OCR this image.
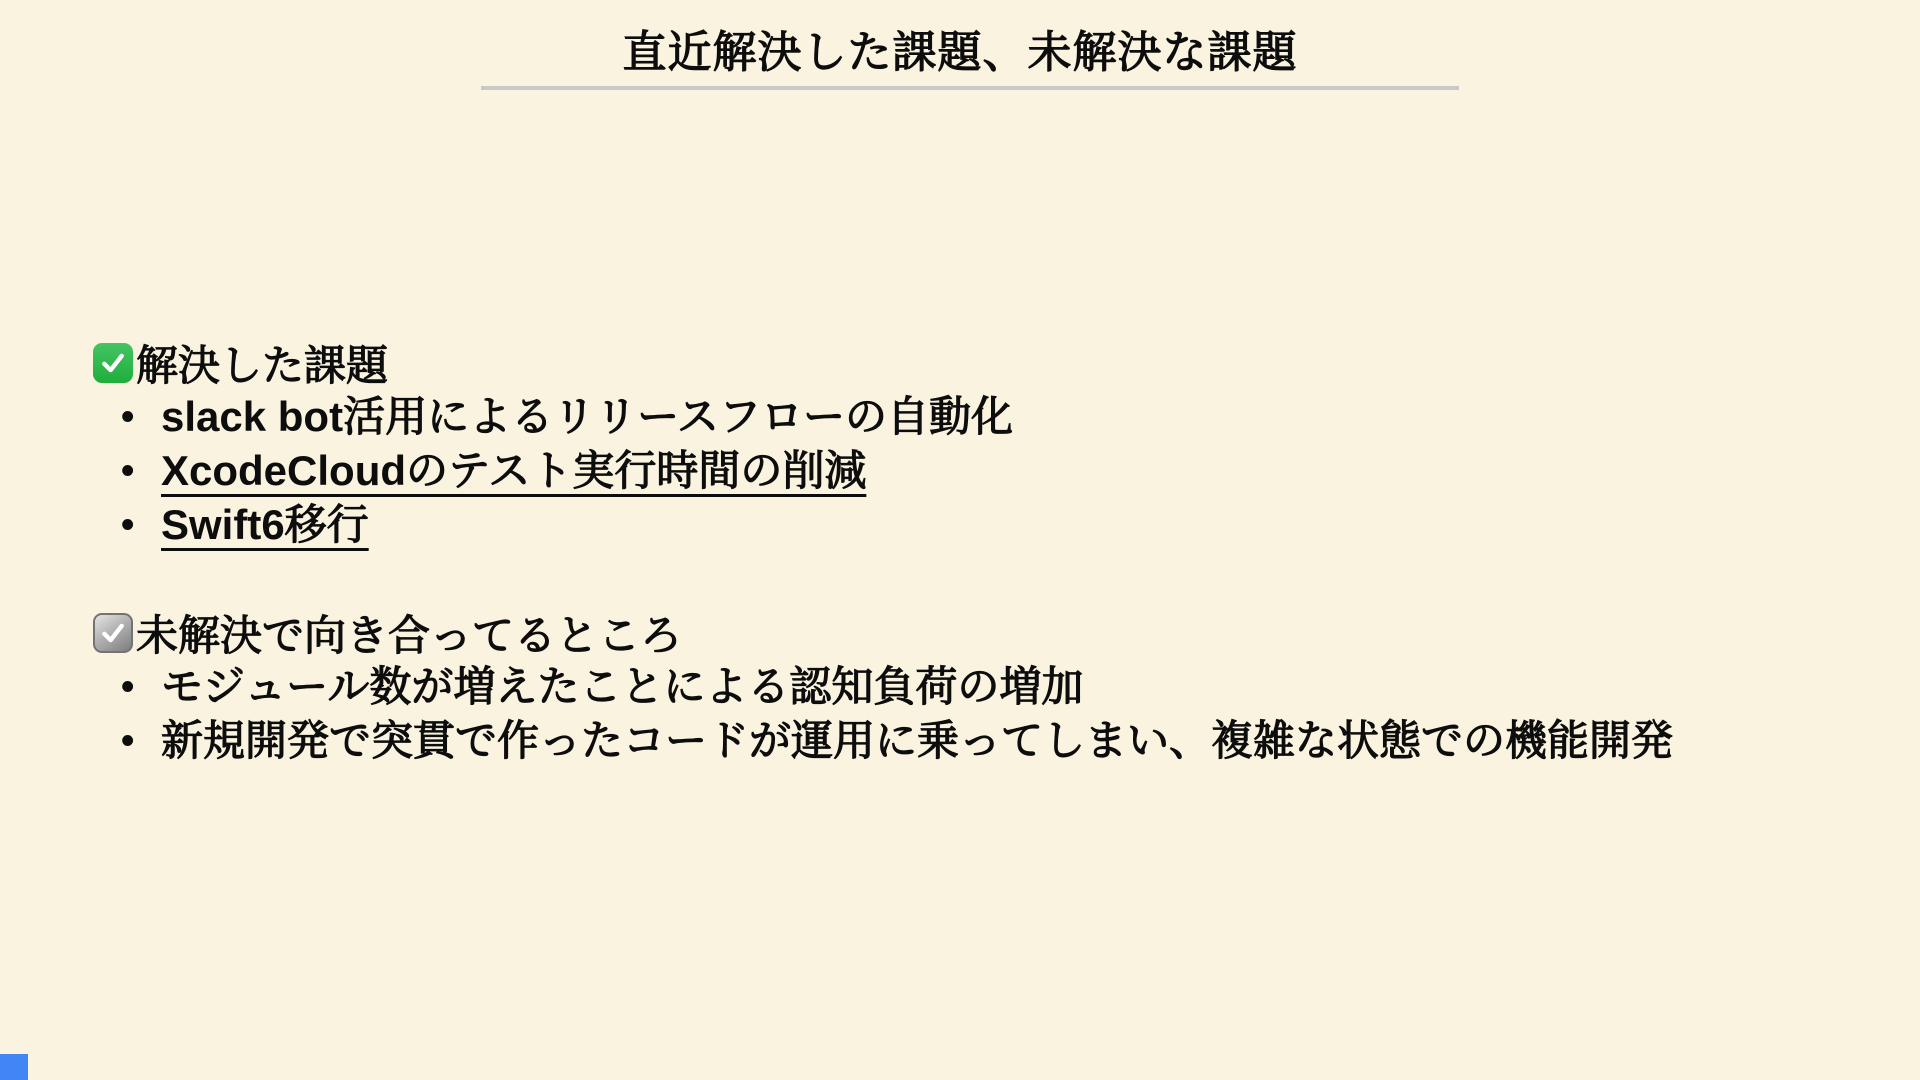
直近解決した課題、未解決な課題
解決した課題
• slack bot活用によるリリースフローの自動化
• XcodeCloudのテスト実行時間の削減
• Swift6移行
未解決で向き合ってるところ
• モジュール数が増えたことによる認知負荷の増加
• 新規開発で突貫で作ったコードが運用に乗ってしまい、複雑な状態での機能開発
